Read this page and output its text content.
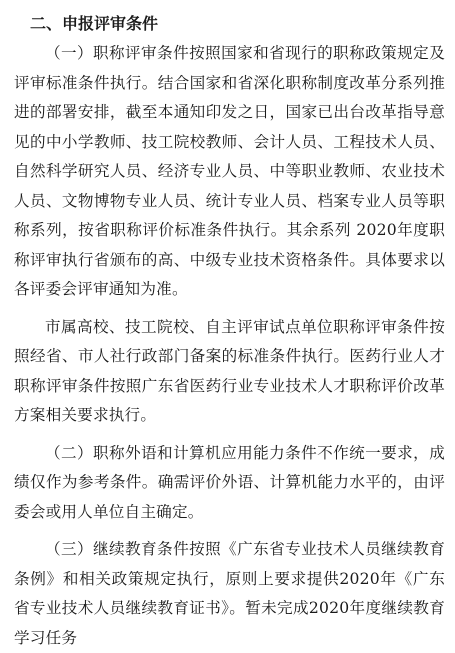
二、申报评审条件

（一）职称评审条件按照国家和省现行的职称政策规定及评审标准条件执行。结合国家和省深化职称制度改革分系列推进的部署安排，截至本通知印发之日，国家已出台改革指导意见的中小学教师、技工院校教师、会计人员、工程技术人员、自然科学研究人员、经济专业人员、中等职业教师、农业技术人员、文物博物专业人员、统计专业人员、档案专业人员等职称系列，按省职称评价标准条件执行。其余系列 2020年度职称评审执行省颁布的高、中级专业技术资格条件。具体要求以各评委会评审通知为准。

市属高校、技工院校、自主评审试点单位职称评审条件按照经省、市人社行政部门备案的标准条件执行。医药行业人才职称评审条件按照广东省医药行业专业技术人才职称评价改革方案相关要求执行。

（二）职称外语和计算机应用能力条件不作统一要求，成绩仅作为参考条件。确需评价外语、计算机能力水平的，由评委会或用人单位自主确定。

（三）继续教育条件按照《广东省专业技术人员继续教育条例》和相关政策规定执行，原则上要求提供2020年《广东省专业技术人员继续教育证书》。暂未完成2020年度继续教育学习任务
